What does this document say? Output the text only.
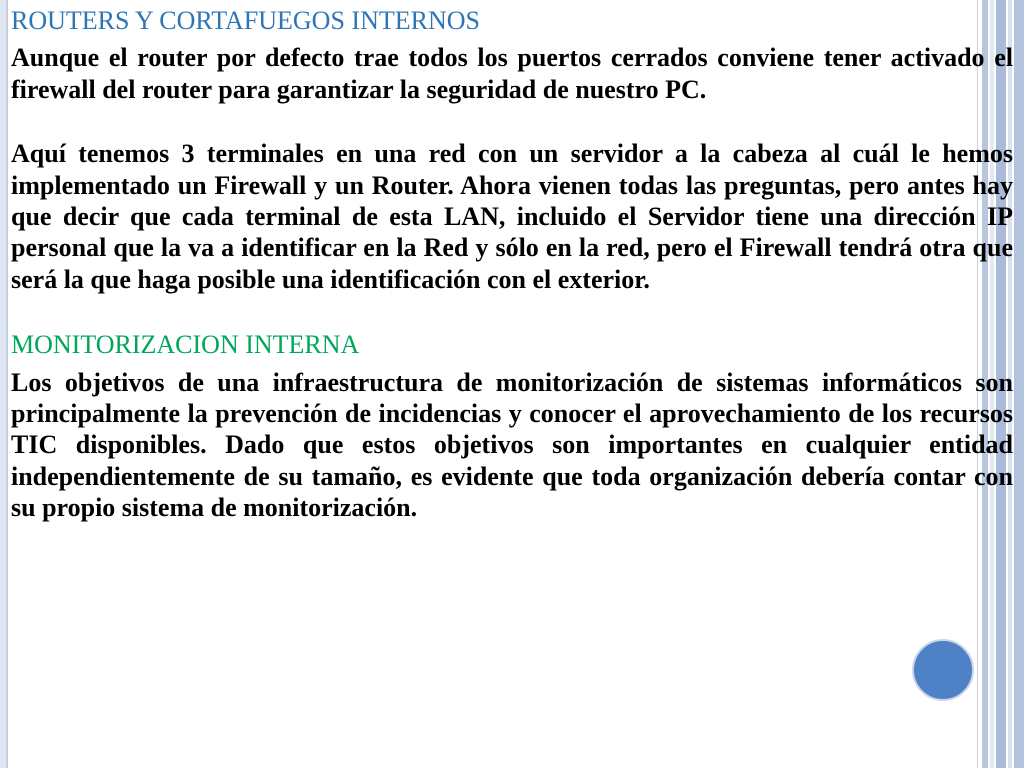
ROUTERS Y CORTAFUEGOS INTERNOS

Aunque el router por defecto trae todos los puertos cerrados conviene tener activado el firewall del router para garantizar la seguridad de nuestro PC.

Aquí tenemos 3 terminales en una red con un servidor a la cabeza al cuál le hemos implementado un Firewall y un Router. Ahora vienen todas las preguntas, pero antes hay que decir que cada terminal de esta LAN, incluido el Servidor tiene una dirección IP personal que la va a identificar en la Red y sólo en la red, pero el Firewall tendrá otra que será la que haga posible una identificación con el exterior.

MONITORIZACION INTERNA

Los objetivos de una infraestructura de monitorización de sistemas informáticos son principalmente la prevención de incidencias y conocer el aprovechamiento de los recursos TIC disponibles. Dado que estos objetivos son importantes en cualquier entidad independientemente de su tamaño, es evidente que toda organización debería contar con su propio sistema de monitorización.
